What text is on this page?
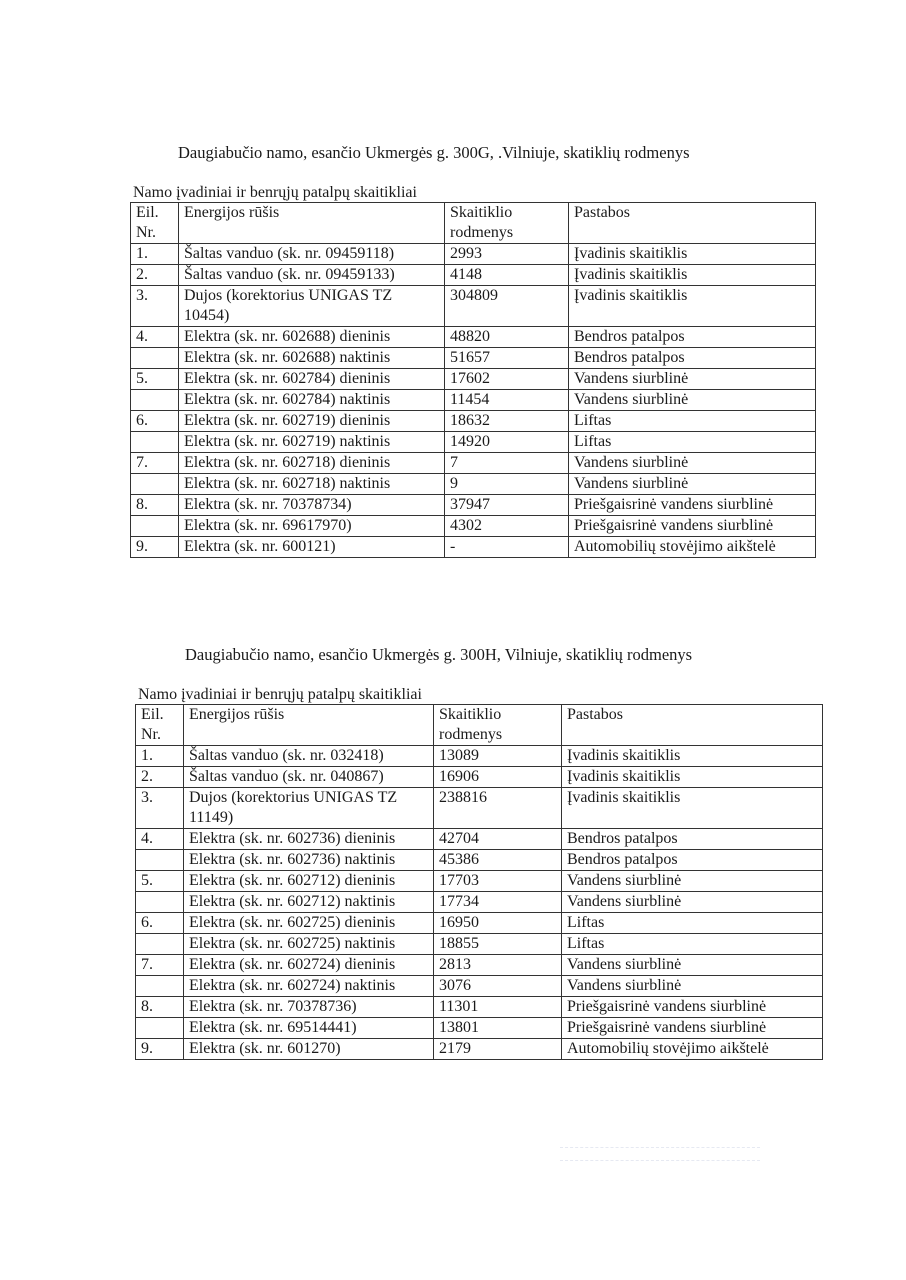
Daugiabučio namo, esančio Ukmergės g. 300G, .Vilniuje, skatiklių rodmenys
Namo įvadiniai ir benrųjų patalpų skaitikliai
Eil. Nr.	Energijos rūšis	Skaitiklio rodmenys	Pastabos
1.	Šaltas vanduo (sk. nr. 09459118)	2993	Įvadinis skaitiklis
2.	Šaltas vanduo (sk. nr. 09459133)	4148	Įvadinis skaitiklis
3.	Dujos (korektorius UNIGAS TZ 10454)	304809	Įvadinis skaitiklis
4.	Elektra (sk. nr. 602688) dieninis	48820	Bendros patalpos
	Elektra (sk. nr. 602688) naktinis	51657	Bendros patalpos
5.	Elektra (sk. nr. 602784) dieninis	17602	Vandens siurblinė
	Elektra (sk. nr. 602784) naktinis	11454	Vandens siurblinė
6.	Elektra (sk. nr. 602719) dieninis	18632	Liftas
	Elektra (sk. nr. 602719) naktinis	14920	Liftas
7.	Elektra (sk. nr. 602718) dieninis	7	Vandens siurblinė
	Elektra (sk. nr. 602718) naktinis	9	Vandens siurblinė
8.	Elektra (sk. nr. 70378734)	37947	Priešgaisrinė vandens siurblinė
	Elektra (sk. nr. 69617970)	4302	Priešgaisrinė vandens siurblinė
9.	Elektra (sk. nr. 600121)	-	Automobilių stovėjimo aikštelė
Daugiabučio namo, esančio Ukmergės g. 300H, Vilniuje, skatiklių rodmenys
Namo įvadiniai ir benrųjų patalpų skaitikliai
Eil. Nr.	Energijos rūšis	Skaitiklio rodmenys	Pastabos
1.	Šaltas vanduo (sk. nr. 032418)	13089	Įvadinis skaitiklis
2.	Šaltas vanduo (sk. nr. 040867)	16906	Įvadinis skaitiklis
3.	Dujos (korektorius UNIGAS TZ 11149)	238816	Įvadinis skaitiklis
4.	Elektra (sk. nr. 602736) dieninis	42704	Bendros patalpos
	Elektra (sk. nr. 602736) naktinis	45386	Bendros patalpos
5.	Elektra (sk. nr. 602712) dieninis	17703	Vandens siurblinė
	Elektra (sk. nr. 602712) naktinis	17734	Vandens siurblinė
6.	Elektra (sk. nr. 602725) dieninis	16950	Liftas
	Elektra (sk. nr. 602725) naktinis	18855	Liftas
7.	Elektra (sk. nr. 602724) dieninis	2813	Vandens siurblinė
	Elektra (sk. nr. 602724) naktinis	3076	Vandens siurblinė
8.	Elektra (sk. nr. 70378736)	11301	Priešgaisrinė vandens siurblinė
	Elektra (sk. nr. 69514441)	13801	Priešgaisrinė vandens siurblinė
9.	Elektra (sk. nr. 601270)	2179	Automobilių stovėjimo aikštelė
